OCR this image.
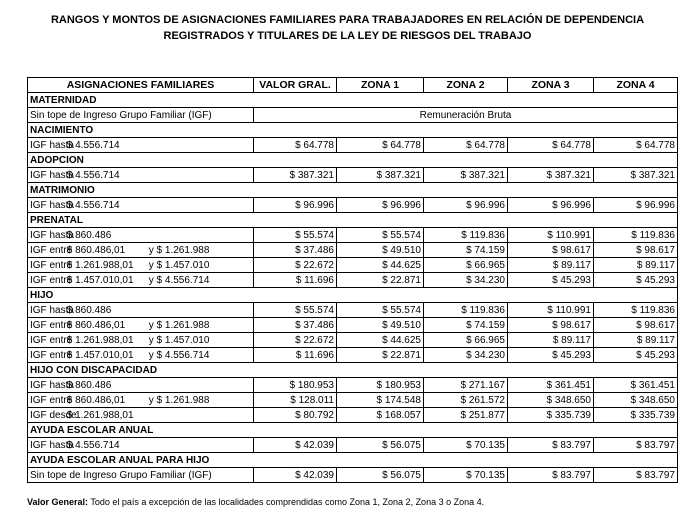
RANGOS Y MONTOS DE ASIGNACIONES FAMILIARES PARA TRABAJADORES EN RELACIÓN DE DEPENDENCIA
REGISTRADOS Y TITULARES DE LA LEY DE RIESGOS DEL TRABAJO
ASIGNACIONES FAMILIARES	VALOR GRAL.	ZONA 1	ZONA 2	ZONA 3	ZONA 4
MATERNIDAD					
Sin tope de Ingreso Grupo Familiar (IGF)	Remuneración Bruta				
NACIMIENTO					
IGF hasta $ 4.556.714	$ 64.778	$ 64.778	$ 64.778	$ 64.778	$ 64.778
ADOPCION					
IGF hasta $ 4.556.714	$ 387.321	$ 387.321	$ 387.321	$ 387.321	$ 387.321
MATRIMONIO					
IGF hasta $ 4.556.714	$ 96.996	$ 96.996	$ 96.996	$ 96.996	$ 96.996
PRENATAL					
IGF hasta $ 860.486	$ 55.574	$ 55.574	$ 119.836	$ 110.991	$ 119.836
IGF entre $ 860.486,01 y $ 1.261.988	$ 37.486	$ 49.510	$ 74.159	$ 98.617	$ 98.617
IGF entre $ 1.261.988,01 y $ 1.457.010	$ 22.672	$ 44.625	$ 66.965	$ 89.117	$ 89.117
IGF entre $ 1.457.010,01 y $ 4.556.714	$ 11.696	$ 22.871	$ 34.230	$ 45.293	$ 45.293
HIJO					
IGF hasta $ 860.486	$ 55.574	$ 55.574	$ 119.836	$ 110.991	$ 119.836
IGF entre $ 860.486,01 y $ 1.261.988	$ 37.486	$ 49.510	$ 74.159	$ 98.617	$ 98.617
IGF entre $ 1.261.988,01 y $ 1.457.010	$ 22.672	$ 44.625	$ 66.965	$ 89.117	$ 89.117
IGF entre $ 1.457.010,01 y $ 4.556.714	$ 11.696	$ 22.871	$ 34.230	$ 45.293	$ 45.293
HIJO CON DISCAPACIDAD					
IGF hasta $ 860.486	$ 180.953	$ 180.953	$ 271.167	$ 361.451	$ 361.451
IGF entre $ 860.486,01 y $ 1.261.988	$ 128.011	$ 174.548	$ 261.572	$ 348.650	$ 348.650
IGF desde $ 1.261.988,01	$ 80.792	$ 168.057	$ 251.877	$ 335.739	$ 335.739
AYUDA ESCOLAR ANUAL					
IGF hasta $ 4.556.714	$ 42.039	$ 56.075	$ 70.135	$ 83.797	$ 83.797
AYUDA ESCOLAR ANUAL PARA HIJO					
Sin tope de Ingreso Grupo Familiar (IGF)	$ 42.039	$ 56.075	$ 70.135	$ 83.797	$ 83.797
Valor General: Todo el país a excepción de las localidades comprendidas como Zona 1, Zona 2, Zona 3 o Zona 4.
